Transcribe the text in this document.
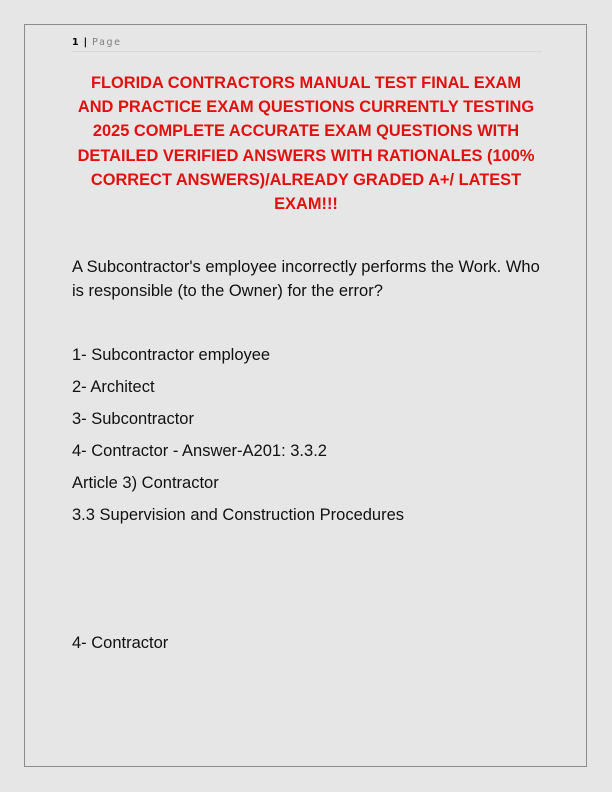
1 | Page

FLORIDA CONTRACTORS MANUAL TEST FINAL EXAM AND PRACTICE EXAM QUESTIONS CURRENTLY TESTING 2025 COMPLETE ACCURATE EXAM QUESTIONS WITH DETAILED VERIFIED ANSWERS WITH RATIONALES (100% CORRECT ANSWERS)/ALREADY GRADED A+/ LATEST EXAM!!!

A Subcontractor's employee incorrectly performs the Work. Who is responsible (to the Owner) for the error?

1- Subcontractor employee
2- Architect
3- Subcontractor
4- Contractor - Answer-A201: 3.3.2
Article 3) Contractor
3.3 Supervision and Construction Procedures

4- Contractor
